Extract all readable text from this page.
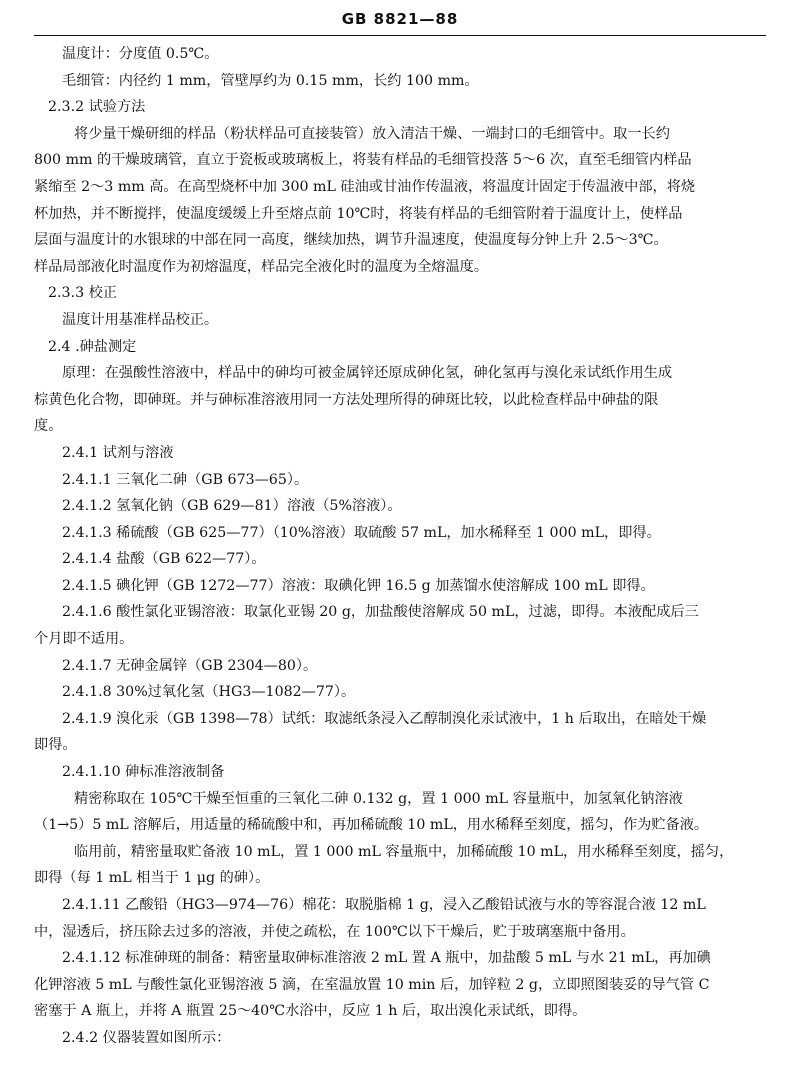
GB 8821—88
温度计：分度值 0.5℃。
毛细管：内径约 1 mm，管壁厚约为 0.15 mm，长约 100 mm。
2.3.2 试验方法
将少量干燥研细的样品（粉状样品可直接装管）放入清洁干燥、一端封口的毛细管中。取一长约
800 mm 的干燥玻璃管，直立于瓷板或玻璃板上，将装有样品的毛细管投落 5～6 次，直至毛细管内样品
紧缩至 2～3 mm 高。在高型烧杯中加 300 mL 硅油或甘油作传温液，将温度计固定于传温液中部，将烧
杯加热，并不断搅拌，使温度缓缓上升至熔点前 10℃时，将装有样品的毛细管附着于温度计上，使样品
层面与温度计的水银球的中部在同一高度，继续加热，调节升温速度，使温度每分钟上升 2.5～3℃。
样品局部液化时温度作为初熔温度，样品完全液化时的温度为全熔温度。
2.3.3 校正
温度计用基准样品校正。
2.4 .砷盐测定
原理：在强酸性溶液中，样品中的砷均可被金属锌还原成砷化氢，砷化氢再与溴化汞试纸作用生成
棕黄色化合物，即砷斑。并与砷标准溶液用同一方法处理所得的砷斑比较，以此检查样品中砷盐的限
度。
2.4.1 试剂与溶液
2.4.1.1 三氧化二砷（GB 673—65）。
2.4.1.2 氢氧化钠（GB 629—81）溶液（5%溶液）。
2.4.1.3 稀硫酸（GB 625—77）（10%溶液）取硫酸 57 mL，加水稀释至 1 000 mL，即得。
2.4.1.4 盐酸（GB 622—77）。
2.4.1.5 碘化钾（GB 1272—77）溶液：取碘化钾 16.5 g 加蒸馏水使溶解成 100 mL 即得。
2.4.1.6 酸性氯化亚锡溶液：取氯化亚锡 20 g，加盐酸使溶解成 50 mL，过滤，即得。本液配成后三
个月即不适用。
2.4.1.7 无砷金属锌（GB 2304—80）。
2.4.1.8 30%过氧化氢（HG3—1082—77）。
2.4.1.9 溴化汞（GB 1398—78）试纸：取滤纸条浸入乙醇制溴化汞试液中，1 h 后取出，在暗处干燥
即得。
2.4.1.10 砷标准溶液制备
精密称取在 105℃干燥至恒重的三氧化二砷 0.132 g，置 1 000 mL 容量瓶中，加氢氧化钠溶液
（1→5）5 mL 溶解后，用适量的稀硫酸中和，再加稀硫酸 10 mL，用水稀释至刻度，摇匀，作为贮备液。
临用前，精密量取贮备液 10 mL，置 1 000 mL 容量瓶中，加稀硫酸 10 mL，用水稀释至刻度，摇匀，
即得（每 1 mL 相当于 1 μg 的砷）。
2.4.1.11 乙酸铅（HG3—974—76）棉花：取脱脂棉 1 g，浸入乙酸铅试液与水的等容混合液 12 mL
中，湿透后，挤压除去过多的溶液，并使之疏松，在 100℃以下干燥后，贮于玻璃塞瓶中备用。
2.4.1.12 标准砷斑的制备：精密量取砷标准溶液 2 mL 置 A 瓶中，加盐酸 5 mL 与水 21 mL，再加碘
化钾溶液 5 mL 与酸性氯化亚锡溶液 5 滴，在室温放置 10 min 后，加锌粒 2 g，立即照图装妥的导气管 C
密塞于 A 瓶上，并将 A 瓶置 25～40℃水浴中，反应 1 h 后，取出溴化汞试纸，即得。
2.4.2 仪器装置如图所示：
